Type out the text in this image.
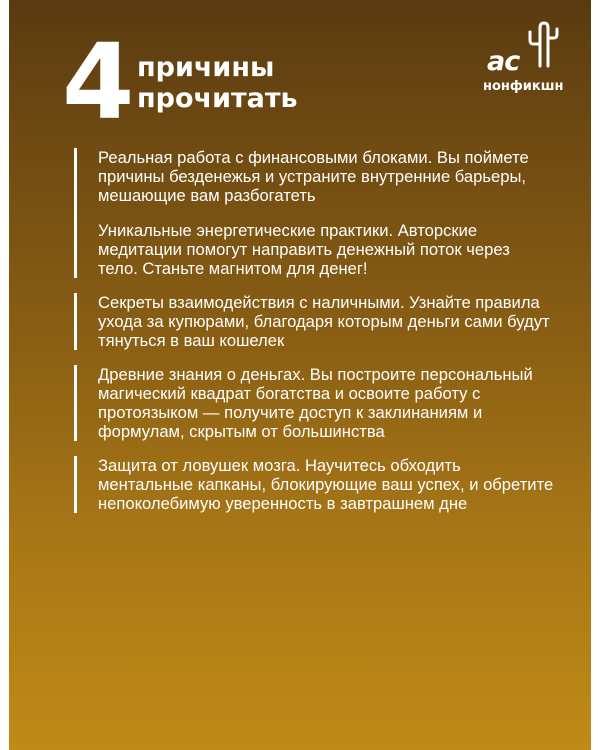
4 причины
прочитать
ас
нонфикшн

Реальная работа с финансовыми блоками. Вы поймете причины безденежья и устраните внутренние барьеры, мешающие вам разбогатеть

Уникальные энергетические практики. Авторские медитации помогут направить денежный поток через тело. Станьте магнитом для денег!

Секреты взаимодействия с наличными. Узнайте правила ухода за купюрами, благодаря которым деньги сами будут тянуться в ваш кошелек

Древние знания о деньгах. Вы построите персональный магический квадрат богатства и освоите работу с протоязыком — получите доступ к заклинаниям и формулам, скрытым от большинства

Защита от ловушек мозга. Научитесь обходить ментальные капканы, блокирующие ваш успех, и обретите непоколебимую уверенность в завтрашнем дне
